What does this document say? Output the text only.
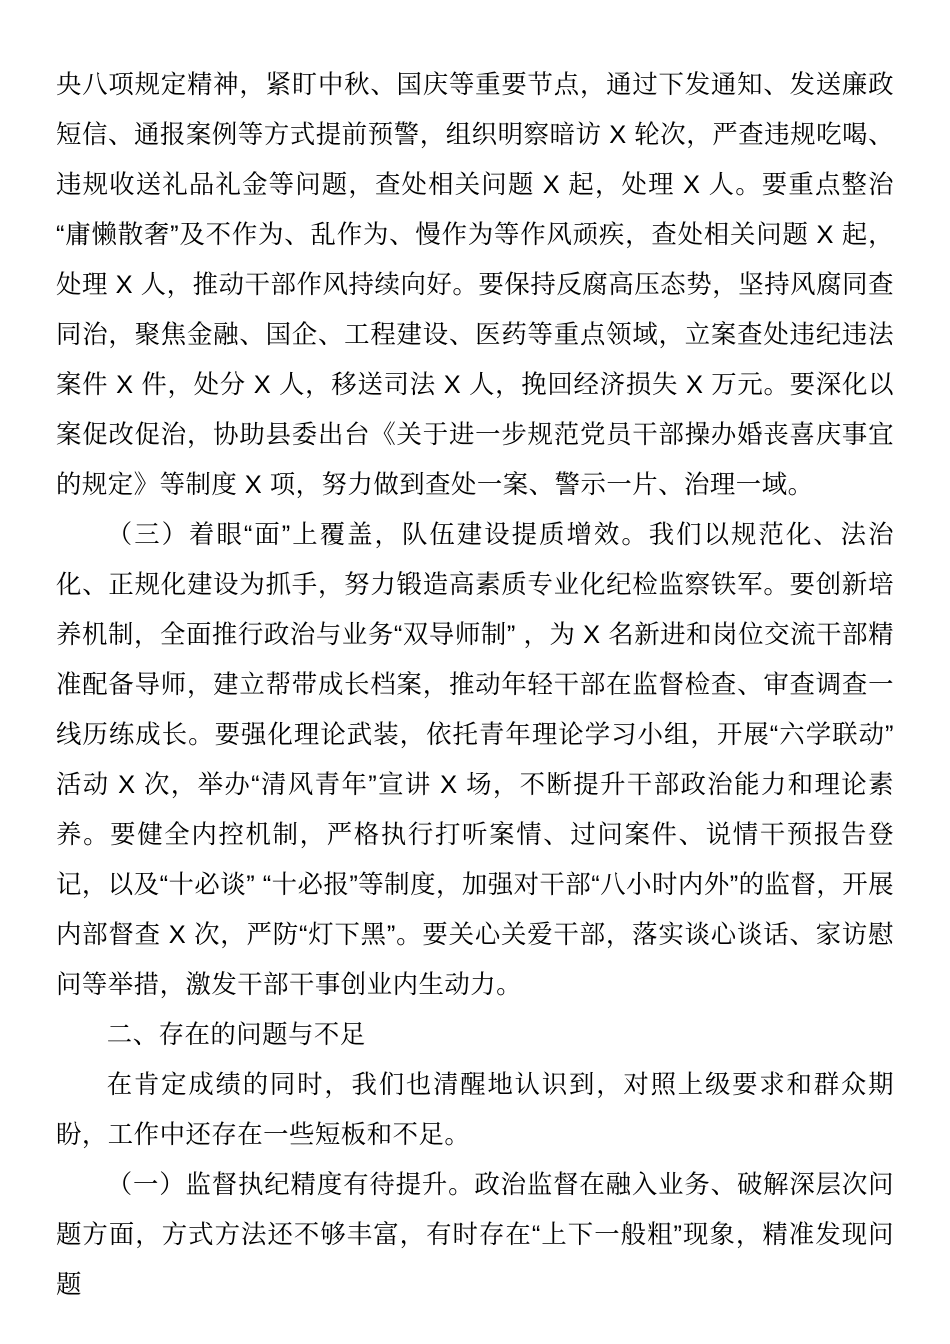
央八项规定精神，紧盯中秋、国庆等重要节点，通过下发通知、发送廉政短信、通报案例等方式提前预警，组织明察暗访 X 轮次，严查违规吃喝、违规收送礼品礼金等问题，查处相关问题 X 起，处理 X 人。要重点整治“庸懒散奢”及不作为、乱作为、慢作为等作风顽疾，查处相关问题 X 起，处理 X 人，推动干部作风持续向好。要保持反腐高压态势，坚持风腐同查同治，聚焦金融、国企、工程建设、医药等重点领域，立案查处违纪违法案件 X 件，处分 X 人，移送司法 X 人，挽回经济损失 X 万元。要深化以案促改促治，协助县委出台《关于进一步规范党员干部操办婚丧喜庆事宜的规定》等制度 X 项，努力做到查处一案、警示一片、治理一域。

（三）着眼“面”上覆盖，队伍建设提质增效。我们以规范化、法治化、正规化建设为抓手，努力锻造高素质专业化纪检监察铁军。要创新培养机制，全面推行政治与业务“双导师制” ，为 X 名新进和岗位交流干部精准配备导师，建立帮带成长档案，推动年轻干部在监督检查、审查调查一线历练成长。要强化理论武装，依托青年理论学习小组，开展“六学联动”活动 X 次，举办“清风青年”宣讲 X 场，不断提升干部政治能力和理论素养。要健全内控机制，严格执行打听案情、过问案件、说情干预报告登记，以及“十必谈” “十必报”等制度，加强对干部“八小时内外”的监督，开展内部督查 X 次，严防“灯下黑”。要关心关爱干部，落实谈心谈话、家访慰问等举措，激发干部干事创业内生动力。

二、存在的问题与不足

在肯定成绩的同时，我们也清醒地认识到，对照上级要求和群众期盼，工作中还存在一些短板和不足。

（一）监督执纪精度有待提升。政治监督在融入业务、破解深层次问题方面，方式方法还不够丰富，有时存在“上下一般粗”现象，精准发现问题
